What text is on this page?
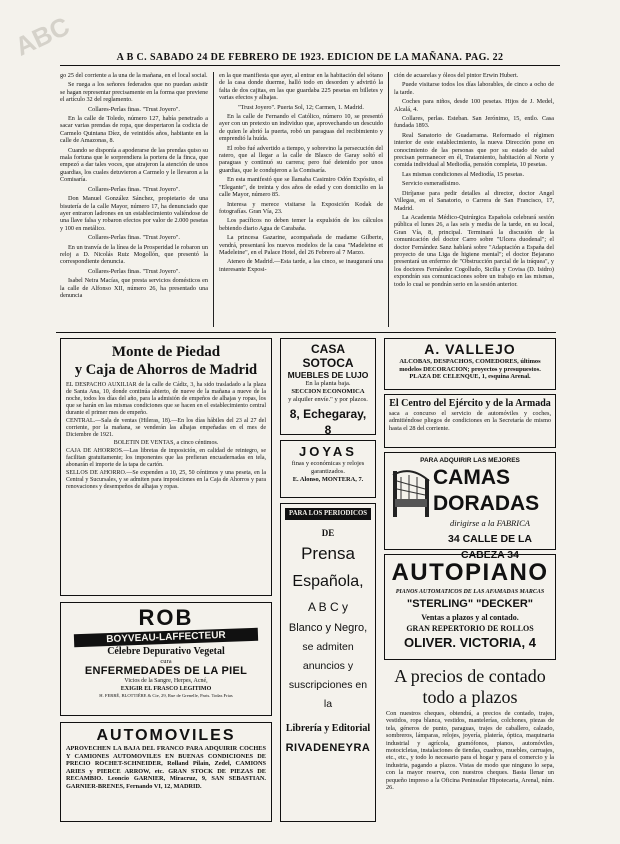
ABC	A B C. SABADO 24 DE FEBRERO DE 1923. EDICION DE LA MAÑANA. PAG. 22

go 25 del corriente a la una de la mañana, en el local social.

Se ruega a los señores federados que no puedan asistir se hagan representar precisamente en la forma que previene el artículo 32 del reglamento.

Collares-Perlas finas. "Trust Joyero".

En la calle de Toledo, número 127, había penetrado a sacar varias prendas de ropa, que despertaron la codicia de Carmelo Quintana Díez, de veintidós años, habitante en la calle de Amazonas, 8.

Cuando se disponía a apoderarse de las prendas quiso su mala fortuna que le sorprendiera la portera de la finca, que empezó a dar tales voces, que atrajeron la atención de unos guardias, los cuales detuvieron a Carmelo y le llevaron a la Comisaría.

Collares-Perlas finas. "Trust Joyero".

Don Manuel González Sánchez, propietario de una bisutería de la calle Mayor, número 17, ha denunciado que ayer entraron ladrones en un establecimiento valiéndose de una llave falsa y robaron efectos por valor de 2.000 pesetas y 100 en metálico.

Collares-Perlas finas. "Trust Joyero".

En un tranvía de la línea de la Prosperidad le robaron un reloj a D. Nicolás Ruiz Mogollón, que presentó la correspondiente denuncia.

Collares-Perlas finas. "Trust Joyero".

Isabel Neira Macías, que presta servicios domésticos en la calle de Alfonso XII, número 26, ha presentado una denuncia

en la que manifiesta que ayer, al entrar en la habitación del sótano de la casa donde duerme, halló todo en desorden y advirtió la falta de dos cajitas, en las que guardaba 225 pesetas en billetes y varias efectos y alhajas.

"Trust Joyero". Puerta Sol, 12; Carmen, 1. Madrid.

En la calle de Fernando el Católico, número 10, se presentó ayer con un pretexto un individuo que, aprovechando un descuido de quien le abrió la puerta, robó un paraguas del recibimiento y emprendió la huída.

El robo fué advertido a tiempo, y sobrevino la persecución del ratero, que al llegar a la calle de Blasco de Garay soltó el paraguas y continuó su carrera; pero fué detenido por unos guardias, que le condujeron a la Comisaría.

En esta manifestó que se llamaba Casimiro Odón Expósito, el "Elegante", de treinta y dos años de edad y con domicilio en la calle Mayor, número 85.

Interesa y merece visitarse la Exposición Kodak de fotografías. Gran Vía, 23.

Los pacíficos no deben temer la expulsión de los cálculos bebiendo diario Agua de Carabaña.

La princesa Gazarine, acompañada de madame Gilberte, vendrá, presentará los nuevos modelos de la casa "Madeleine et Madeleine", en el Palace Hotel, del 26 Febrero al 7 Marzo.

Ateneo de Madrid.—Esta tarde, a las cinco, se inaugurará una interesante Exposi-

ción de acuarelas y óleos del pintor Erwin Hubert.

Puede visitarse todos los días laborables, de cinco a ocho de la tarde.

Coches para niños, desde 100 pesetas. Hijos de J. Medel, Alcalá, 4.

Collares, perlas. Esteban. San Jerónimo, 15, entlo. Casa fundada 1893.

Real Sanatorio de Guadarrama. Reformado el régimen interior de este establecimiento, la nueva Dirección pone en conocimiento de las personas que por su estado de salud precisan permanecer en él, Tratamiento, habitación al Norte y comida individual al Mediodía, pensión completa, 10 pesetas.

Las mismas condiciones al Mediodía, 15 pesetas.

Servicio esmeradísimo.

Diríjanse para pedir detalles al director, doctor Angel Villegas, en el Sanatorio, o Carrera de San Francisco, 17, Madrid.

La Academia Médico-Quirúrgica Española celebrará sesión pública el lunes 26, a las seis y media de la tarde, en su local, Gran Vía, 8, principal. Terminará la discusión de la comunicación del doctor Carro sobre "Ulcera duodenal"; el doctor Fernández Sanz hablará sobre "Adaptación a España del proyecto de una Liga de higiene mental"; el doctor Bejarano presentará un enfermo de "Obstrucción parcial de la tráquea", y los doctores Fernández Cogolludo, Sicilia y Covisa (D. Isidro) expondrán sus comunicaciones sobre un trabajo en las mismas, todo lo cual se pondrán serio en la sesión anterior.

Monte de Piedad
y Caja de Ahorros de Madrid

EL DESPACHO AUXILIAR de la calle de Cádiz, 3, ha sido trasladado a la plaza de Santa Ana, 10, donde continúa abierto, de nueve de la mañana a nueve de la noche, todos los días del año, para la admisión de empeños de alhajas y ropas, los que se harán en las mismas condiciones que se hacen en el establecimiento central durante el primer mes de empeño.

CENTRAL.—Sala de ventas (Hileras, 18).—En los días hábiles del 23 al 27 del corriente, por la mañana, se venderán las alhajas empeñadas en el mes de Diciembre de 1921.

BOLETIN DE VENTAS, a cinco céntimos.

CAJA DE AHORROS.—Las libretas de imposición, en calidad de reintegro, se facilitan gratuitamente; los imponentes que las prefieran encuadernadas en tela, abonarán el importe de la tapa de cartón.

SELLOS DE AHORRO.—Se expenden a 10, 25, 50 céntimos y una peseta, en la Central y Sucursales, y se admiten para imposiciones en la Caja de Ahorros y para renovaciones y desempeños de alhajas y ropas.

ROB
BOYVEAU-LAFFECTEUR
Célebre Depurativo Vegetal
cura
ENFERMEDADES DE LA PIEL
Vicios de la Sangre, Herpes, Acné,
EXIGIR EL FRASCO LEGITIMO
H. FERRÉ, BLOTTIÈRE & Cie, 29, Rue de Grenelle, Paris. Todas Frias
AUTOMOVILES
APROVECHEN LA BAJA DEL FRANCO PARA ADQUIRIR COCHES Y CAMIONES AUTOMOVILES EN BUENAS CONDICIONES DE PRECIO ROCHET-SCHNEIDER, Rolland Pilain, Zedel, CAMIONS ARIES y PIERCE ARROW, etc. GRAN STOCK DE PIEZAS DE RECAMBIO. Leoncio GARNIER, Miracruz, 9, SAN SEBASTIAN. GARNIER-BRENES, Fernando VI, 12, MADRID.
CASA SOTOCA
MUEBLES DE LUJO
En la planta baja.
SECCION ECONOMICA
y alquiler envíe." y por plazos.
8, Echegaray, 8
JOYAS
finas y económicas y relojes garantizados.
E. Alonso, MONTERA, 7.
PARA LOS PERIODICOS
DE
Prensa
Española,
A B C y
Blanco y Negro,
se admiten anuncios y suscripciones en la
Librería y Editorial
RIVADENEYRA
A. VALLEJO
ALCOBAS, DESPACHOS, COMEDORES, últimos modelos DECORACION; proyectos y presupuestos. PLAZA DE CELENQUE, 1, esquina Arenal.
El Centro del Ejército y de la Armada
saca a concurso el servicio de automóviles y coches, admitiéndose pliegos de condiciones en la Secretaría de mismo hasta el 28 del corriente.
PARA ADQUIRIR LAS MEJORES
CAMAS DORADAS
dirigirse a la FABRICA
34 CALLE DE LA CABEZA 34
AUTOPIANO
PIANOS AUTOMATICOS DE LAS AFAMADAS MARCAS
"STERLING" "DECKER"
Ventas a plazos y al contado.
GRAN REPERTORIO DE ROLLOS
OLIVER. VICTORIA, 4
A precios de contado
todo a plazos
Con nuestros cheques, obtendrá, a precios de contado, trajes, vestidos, ropa blanca, vestidos, mantelerías, colchones, piezas de tela, géneros de punto, paraguas, trajes de caballero, calzado, sombreros, lámparas, relojes, joyería, platería, óptica, maquinaria industrial y agrícola, gramófonos, pianos, automóviles, motocicletas, instalaciones de tiendas, cuadros, muebles, carruajes, etc., etc., y todo lo necesario para el hogar y para el comercio y la industria, pagando a plazos. Vistas de modo que ninguno lo sepa, con la mayor reserva, con nuestros cheques. Basta llenar un pequeño impreso a la Oficina Peninsular Hipotecaria, Arenal, núm. 26.
